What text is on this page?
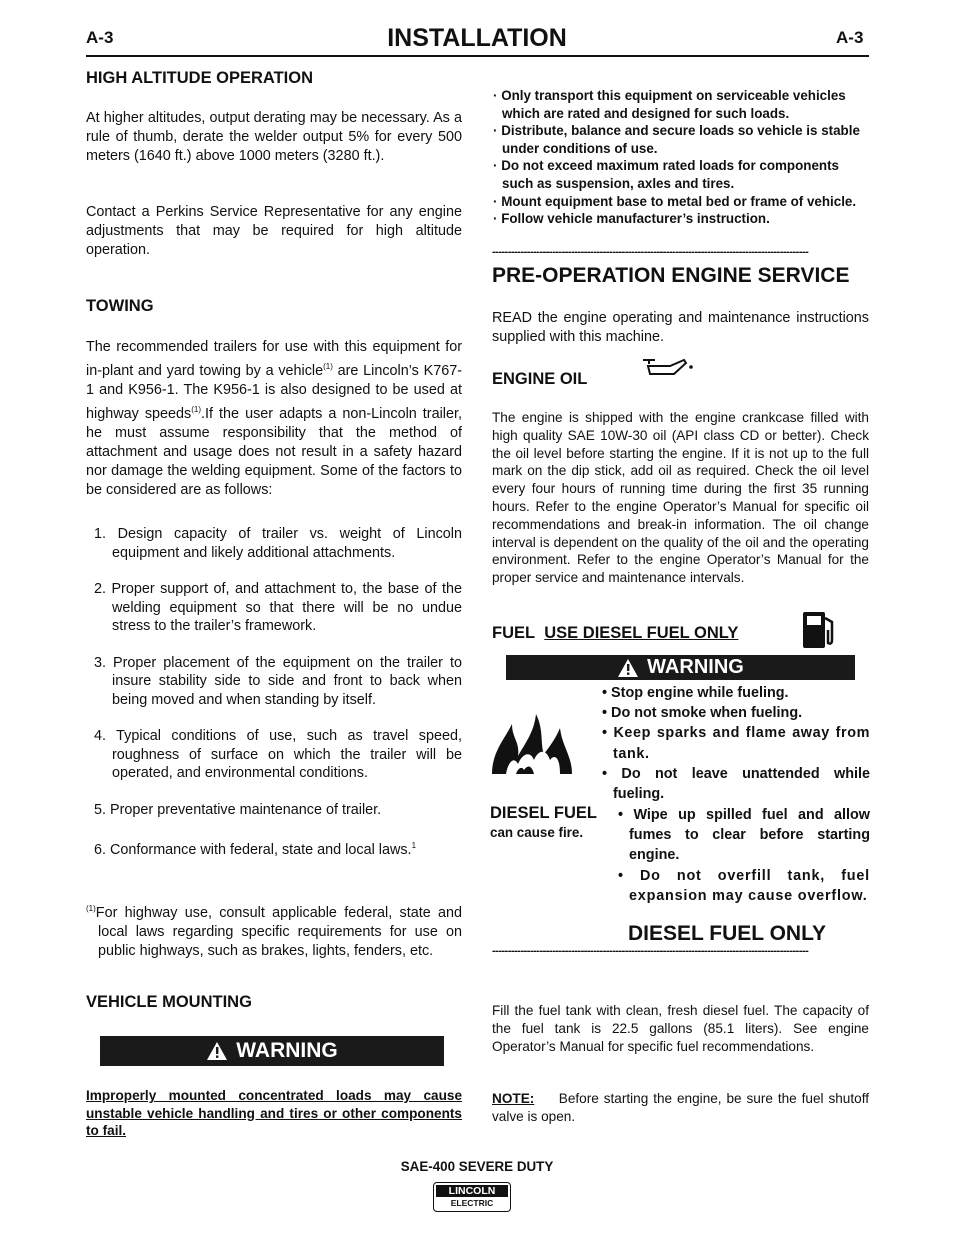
A-3	INSTALLATION	A-3
HIGH ALTITUDE OPERATION

At higher altitudes, output derating may be necessary. As a rule of thumb, derate the welder output 5% for every 500 meters (1640 ft.) above 1000 meters (3280 ft.).

Contact a Perkins Service Representative for any engine adjustments that may be required for high altitude operation.

TOWING

The recommended trailers for use with this equipment for in-plant and yard towing by a vehicle$^{(1)}$ are Lincoln’s K767-1 and K956-1. The K956-1 is also designed to be used at highway speeds$^{(1)}$.If the user adapts a non-Lincoln trailer, he must assume responsibility that the method of attachment and usage does not result in a safety hazard nor damage the welding equipment. Some of the factors to be considered are as follows:

1. Design capacity of trailer vs. weight of Lincoln equipment and likely additional attachments.
2. Proper support of, and attachment to, the base of the welding equipment so that there will be no undue stress to the trailer’s framework.
3. Proper placement of the equipment on the trailer to insure stability side to side and front to back when being moved and when standing by itself.
4. Typical conditions of use, such as travel speed, roughness of surface on which the trailer will be operated, and environmental conditions.
5. Proper preventative maintenance of trailer.
6. Conformance with federal, state and local laws.$^1$

$^{(1)}$For highway use, consult applicable federal, state and local laws regarding specific requirements for use on public highways, such as brakes, lights, fenders, etc.

VEHICLE MOUNTING
WARNING

Improperly mounted concentrated loads may cause unstable vehicle handling and tires or other components to fail.

· Only transport this equipment on serviceable vehicles which are rated and designed for such loads.
· Distribute, balance and secure loads so vehicle is stable under conditions of use.
· Do not exceed maximum rated loads for components such as suspension, axles and tires.
· Mount equipment base to metal bed or frame of vehicle.
· Follow vehicle manufacturer’s instruction.
----------------------------------------------------------------------------------------------------
PRE-OPERATION ENGINE SERVICE

READ the engine operating and maintenance instructions supplied with this machine.

ENGINE OIL

The engine is shipped with the engine crankcase filled with high quality SAE 10W-30 oil (API class CD or better). Check the oil level before starting the engine. If it is not up to the full mark on the dip stick, add oil as required. Check the oil level every four hours of running time during the first 35 running hours. Refer to the engine Operator’s Manual for specific oil recommendations and break-in information. The oil change interval is dependent on the quality of the oil and the operating environment. Refer to the engine Operator’s Manual for the proper service and maintenance intervals.

FUEL USE DIESEL FUEL ONLY
WARNING
• Stop engine while fueling.
• Do not smoke when fueling.
• Keep sparks and flame away from tank.
• Do not leave unattended while fueling.
DIESEL FUEL
can cause fire.
• Wipe up spilled fuel and allow fumes to clear before starting engine.
• Do not overfill tank, fuel expansion may cause overflow.
DIESEL FUEL ONLY
----------------------------------------------------------------------------------------------------

Fill the fuel tank with clean, fresh diesel fuel. The capacity of the fuel tank is 22.5 gallons (85.1 liters). See engine Operator’s Manual for specific fuel recommendations.

NOTE: Before starting the engine, be sure the fuel shutoff valve is open.

SAE-400 SEVERE DUTY
LINCOLN
ELECTRIC
